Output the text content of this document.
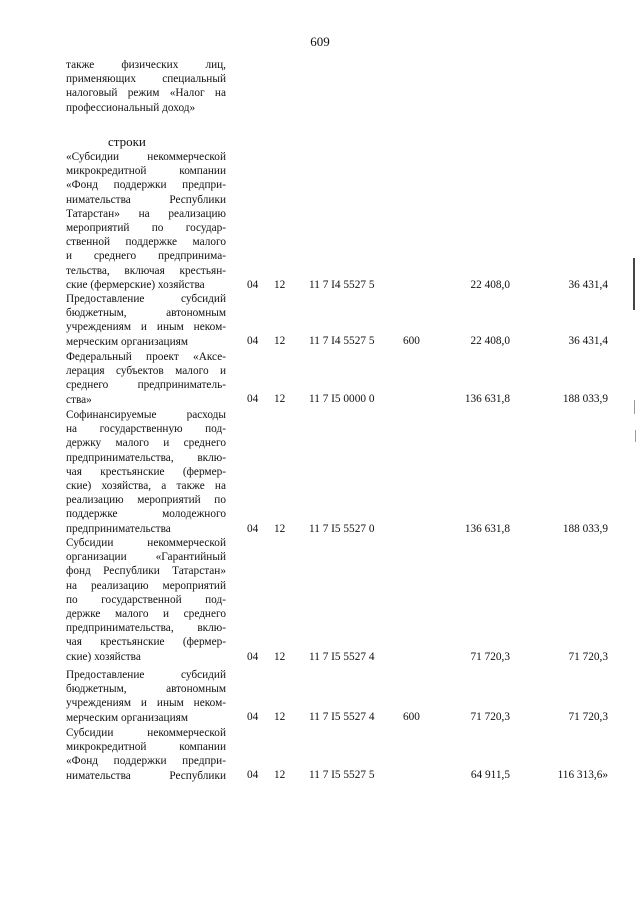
609
также физических лиц,
применяющих специальный
налоговый режим «Налог на
профессиональный доход»
строки
«Субсидии некоммерческой
микрокредитной компании
«Фонд поддержки предпри-
нимательства Республики
Татарстан» на реализацию
мероприятий по государ-
ственной поддержке малого
и среднего предпринима-
тельства, включая крестьян-
ские (фермерские) хозяйства	04 12 11 7 I4 5527 5	22 408,0	36 431,4
Предоставление субсидий
бюджетным, автономным
учреждениям и иным неком-
мерческим организациям	04 12 11 7 I4 5527 5	600	22 408,0	36 431,4
Федеральный проект «Аксе-
лерация субъектов малого и
среднего предприниматель-
ства»	04 12 11 7 I5 0000 0	136 631,8	188 033,9
Софинансируемые расходы
на государственную под-
держку малого и среднего
предпринимательства, вклю-
чая крестьянские (фермер-
ские) хозяйства, а также на
реализацию мероприятий по
поддержке молодежного
предпринимательства	04 12 11 7 I5 5527 0	136 631,8	188 033,9
Субсидии некоммерческой
организации «Гарантийный
фонд Республики Татарстан»
на реализацию мероприятий
по государственной под-
держке малого и среднего
предпринимательства, вклю-
чая крестьянские (фермер-
ские) хозяйства	04 12 11 7 I5 5527 4	71 720,3	71 720,3
Предоставление субсидий
бюджетным, автономным
учреждениям и иным неком-
мерческим организациям	04 12 11 7 I5 5527 4	600	71 720,3	71 720,3
Субсидии некоммерческой
микрокредитной компании
«Фонд поддержки предпри-
нимательства Республики 04 12 11 7 I5 5527 5	64 911,5	116 313,6»
